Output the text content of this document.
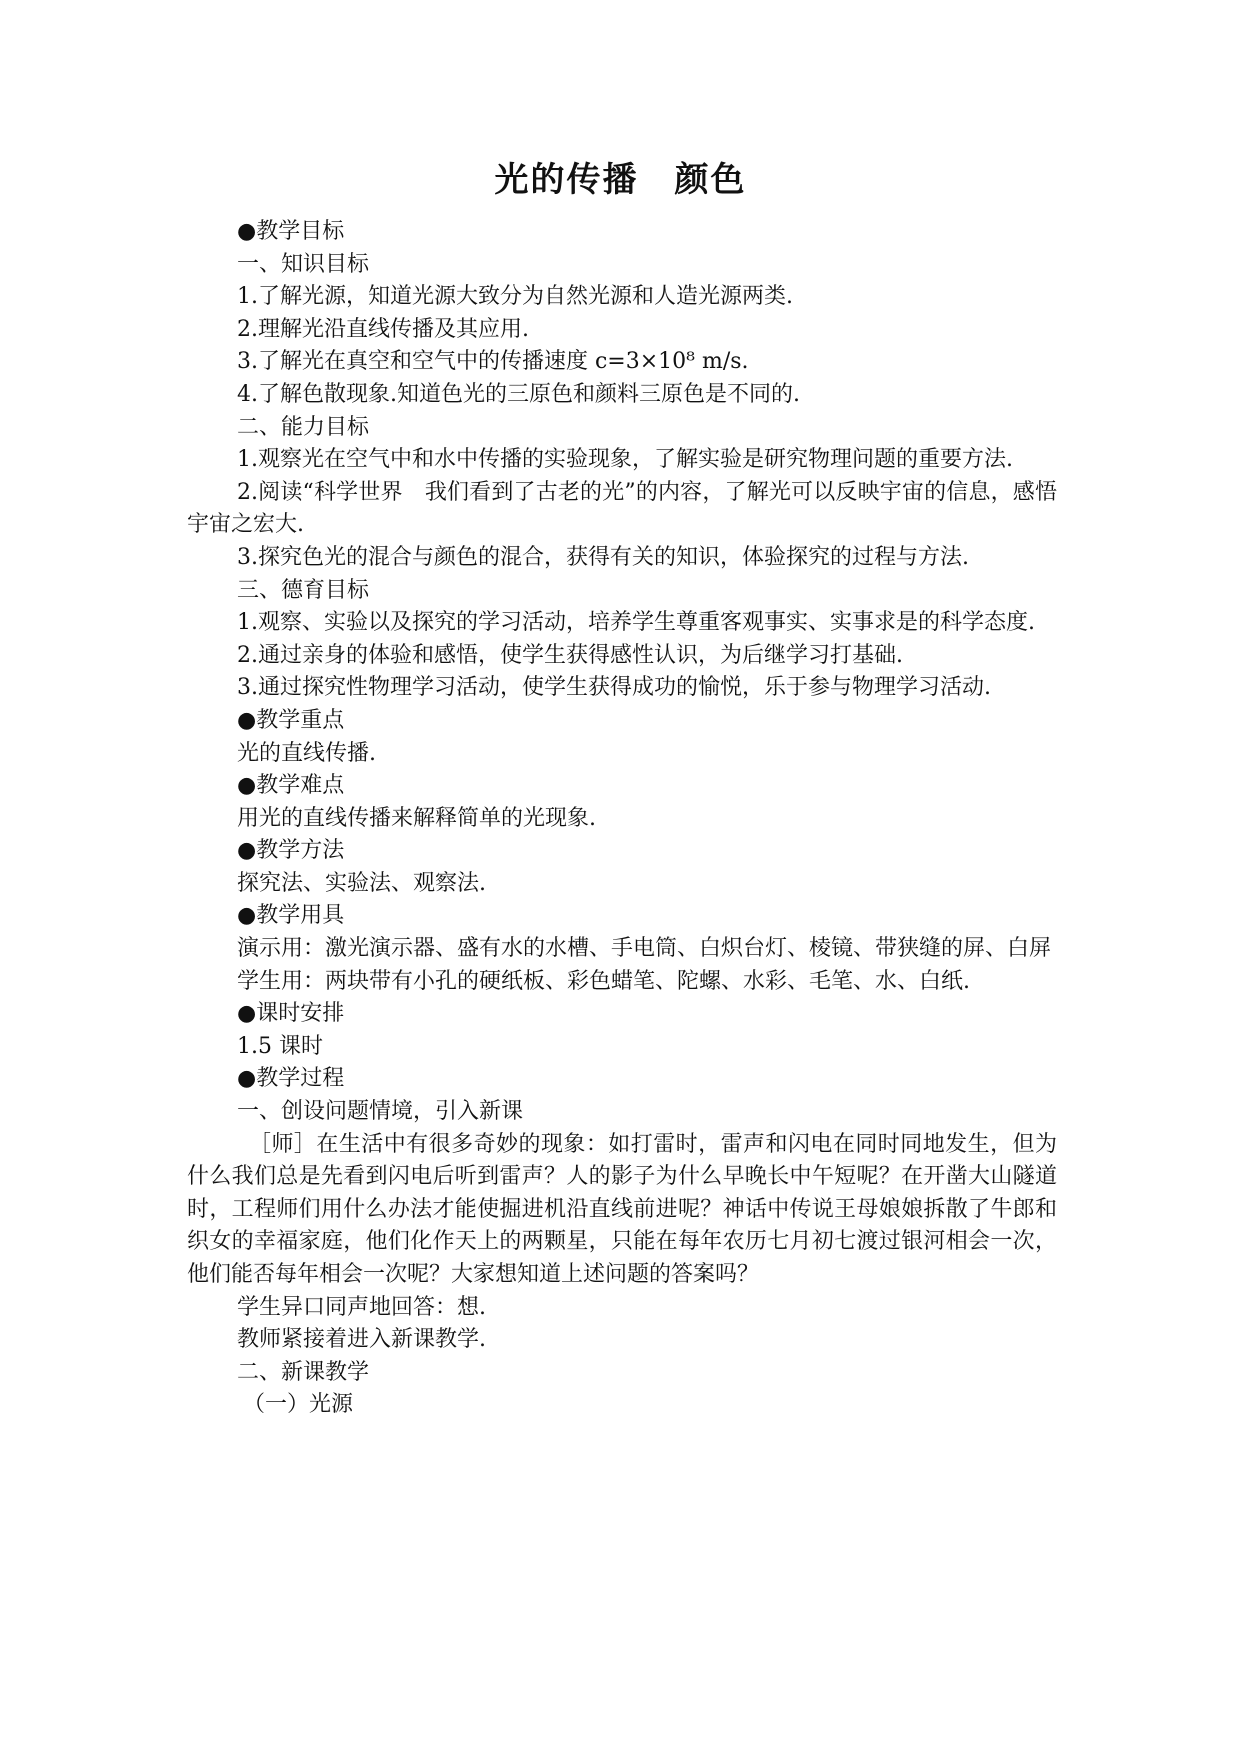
光的传播　颜色

●教学目标

一、知识目标

1.了解光源，知道光源大致分为自然光源和人造光源两类.

2.理解光沿直线传播及其应用.

3.了解光在真空和空气中的传播速度 c=3×10⁸ m/s.

4.了解色散现象.知道色光的三原色和颜料三原色是不同的.

二、能力目标

1.观察光在空气中和水中传播的实验现象，了解实验是研究物理问题的重要方法.

2.阅读“科学世界　我们看到了古老的光”的内容，了解光可以反映宇宙的信息，感悟宇宙之宏大.

3.探究色光的混合与颜色的混合，获得有关的知识，体验探究的过程与方法.

三、德育目标

1.观察、实验以及探究的学习活动，培养学生尊重客观事实、实事求是的科学态度.

2.通过亲身的体验和感悟，使学生获得感性认识，为后继学习打基础.

3.通过探究性物理学习活动，使学生获得成功的愉悦，乐于参与物理学习活动.

●教学重点

光的直线传播.

●教学难点

用光的直线传播来解释简单的光现象.

●教学方法

探究法、实验法、观察法.

●教学用具

演示用：激光演示器、盛有水的水槽、手电筒、白炽台灯、棱镜、带狭缝的屏、白屏

学生用：两块带有小孔的硬纸板、彩色蜡笔、陀螺、水彩、毛笔、水、白纸.

●课时安排

1.5 课时

●教学过程

一、创设问题情境，引入新课

［师］在生活中有很多奇妙的现象：如打雷时，雷声和闪电在同时同地发生，但为什么我们总是先看到闪电后听到雷声？人的影子为什么早晚长中午短呢？在开凿大山隧道时，工程师们用什么办法才能使掘进机沿直线前进呢？神话中传说王母娘娘拆散了牛郎和织女的幸福家庭，他们化作天上的两颗星，只能在每年农历七月初七渡过银河相会一次，他们能否每年相会一次呢？大家想知道上述问题的答案吗？

学生异口同声地回答：想.

教师紧接着进入新课教学.

二、新课教学

（一）光源
